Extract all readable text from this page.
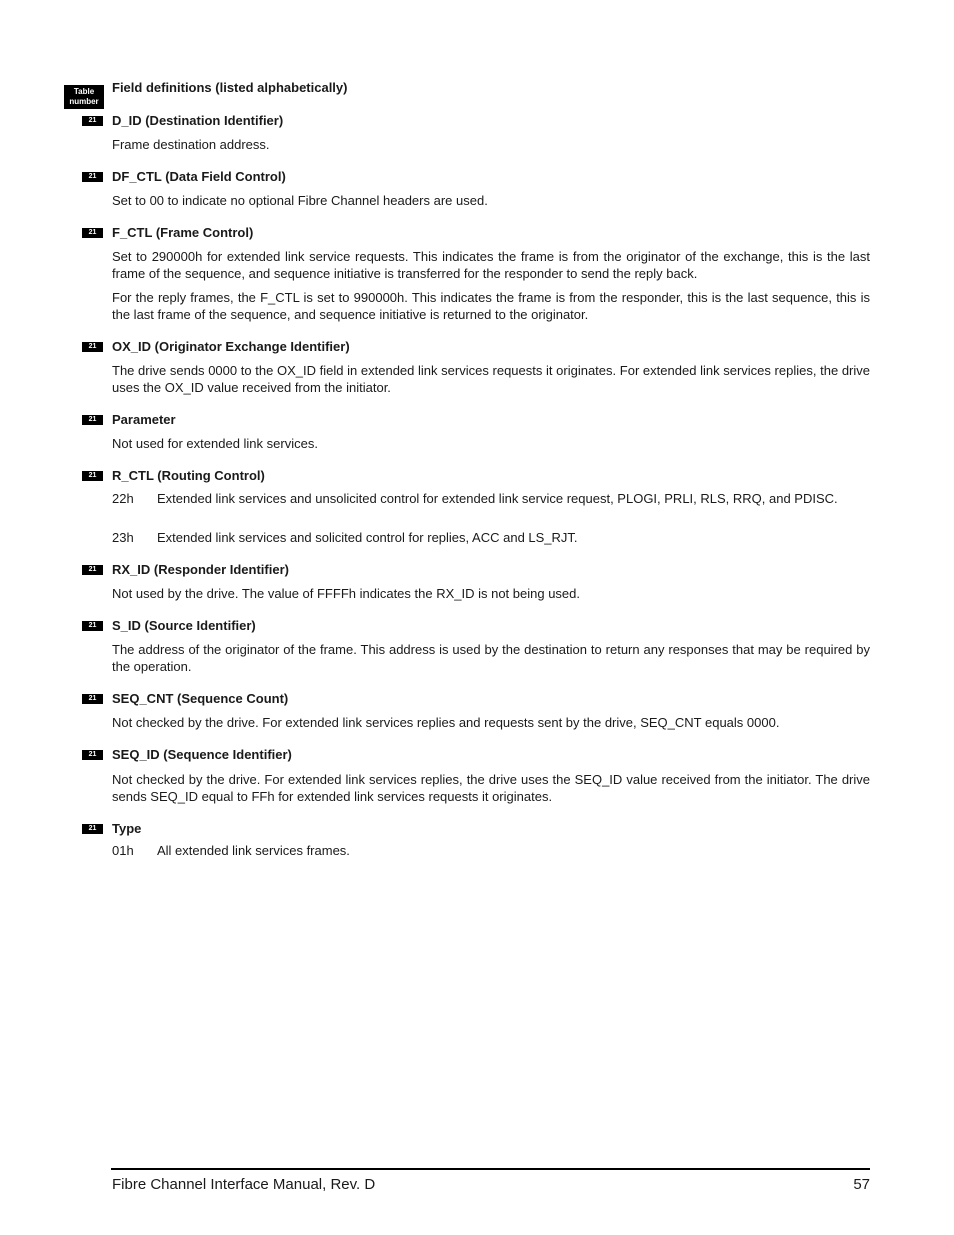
Table
number
Field definitions (listed alphabetically)
21	D_ID (Destination Identifier)

Frame destination address.

21	DF_CTL (Data Field Control)

Set to 00 to indicate no optional Fibre Channel headers are used.

21	F_CTL (Frame Control)

Set to 290000h for extended link service requests. This indicates the frame is from the originator of the exchange, this is the last frame of the sequence, and sequence initiative is transferred for the responder to send the reply back.

For the reply frames, the F_CTL is set to 990000h. This indicates the frame is from the responder, this is the last sequence, this is the last frame of the sequence, and sequence initiative is returned to the originator.

21	OX_ID (Originator Exchange Identifier)

The drive sends 0000 to the OX_ID field in extended link services requests it originates. For extended link services replies, the drive uses the OX_ID value received from the initiator.

21	Parameter

Not used for extended link services.

21	R_CTL (Routing Control)
22h Extended link services and unsolicited control for extended link service request, PLOGI, PRLI, RLS, RRQ, and PDISC.
23h Extended link services and solicited control for replies, ACC and LS_RJT.
21	RX_ID (Responder Identifier)

Not used by the drive. The value of FFFFh indicates the RX_ID is not being used.

21	S_ID (Source Identifier)

The address of the originator of the frame. This address is used by the destination to return any responses that may be required by the operation.

21	SEQ_CNT (Sequence Count)

Not checked by the drive. For extended link services replies and requests sent by the drive, SEQ_CNT equals 0000.

21	SEQ_ID (Sequence Identifier)

Not checked by the drive. For extended link services replies, the drive uses the SEQ_ID value received from the initiator. The drive sends SEQ_ID equal to FFh for extended link services requests it originates.

21	Type
01h All extended link services frames.
Fibre Channel Interface Manual, Rev. D	57
